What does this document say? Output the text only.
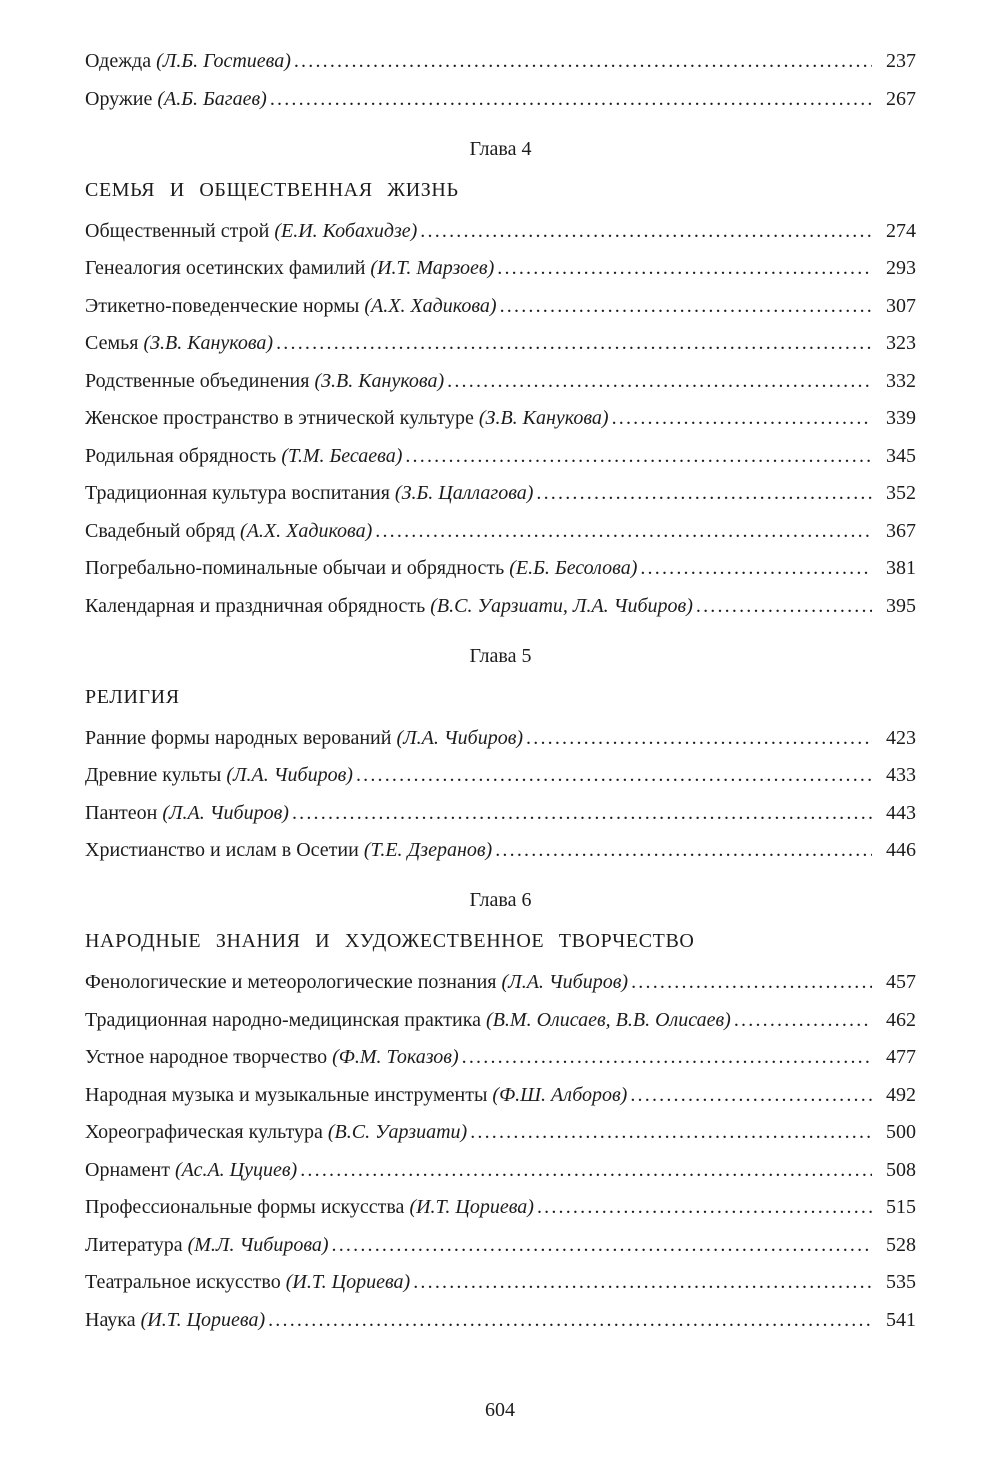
Одежда (Л.Б. Гостиева) .....	237
Оружие (А.Б. Багаев) .....	267
Глава 4
СЕМЬЯ И ОБЩЕСТВЕННАЯ ЖИЗНЬ
Общественный строй (Е.И. Кобахидзе) .....	274
Генеалогия осетинских фамилий (И.Т. Марзоев) .....	293
Этикетно-поведенческие нормы (А.Х. Хадикова) .....	307
Семья (З.В. Канукова) .....	323
Родственные объединения (З.В. Канукова) .....	332
Женское пространство в этнической культуре (З.В. Канукова) .....	339
Родильная обрядность (Т.М. Бесаева) .....	345
Традиционная культура воспитания (З.Б. Цаллагова) .....	352
Свадебный обряд (А.Х. Хадикова) .....	367
Погребально-поминальные обычаи и обрядность (Е.Б. Бесолова) .....	381
Календарная и праздничная обрядность (В.С. Уарзиати, Л.А. Чибиров) .....	395
Глава 5
РЕЛИГИЯ
Ранние формы народных верований (Л.А. Чибиров) .....	423
Древние культы (Л.А. Чибиров) .....	433
Пантеон (Л.А. Чибиров) .....	443
Христианство и ислам в Осетии (Т.Е. Дзеранов) .....	446
Глава 6
НАРОДНЫЕ ЗНАНИЯ И ХУДОЖЕСТВЕННОЕ ТВОРЧЕСТВО
Фенологические и метеорологические познания (Л.А. Чибиров) .....	457
Традиционная народно-медицинская практика (В.М. Олисаев, В.В. Олисаев) .....	462
Устное народное творчество (Ф.М. Токазов) .....	477
Народная музыка и музыкальные инструменты (Ф.Ш. Алборов) .....	492
Хореографическая культура (В.С. Уарзиати) .....	500
Орнамент (Ас.А. Цуциев) .....	508
Профессиональные формы искусства (И.Т. Цориева) .....	515
Литература (М.Л. Чибирова) .....	528
Театральное искусство (И.Т. Цориева) .....	535
Наука (И.Т. Цориева) .....	541
604
